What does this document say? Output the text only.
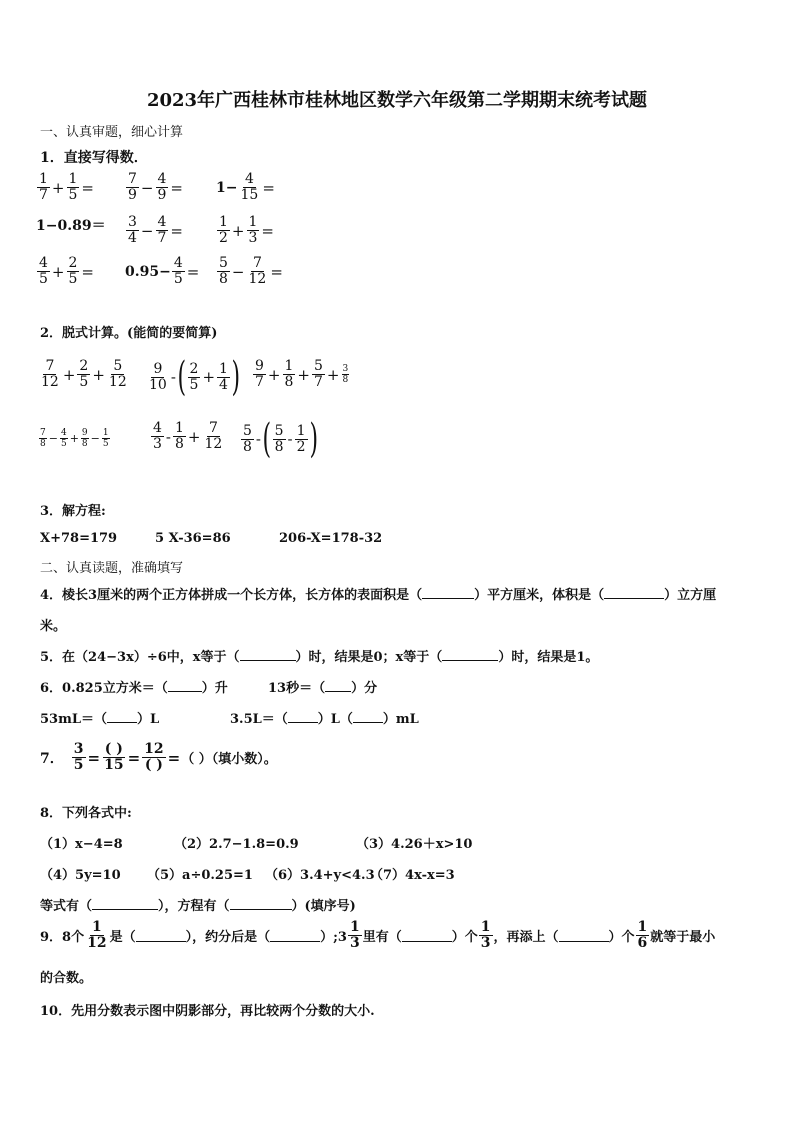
2023年广西桂林市桂林地区数学六年级第二学期期末统考试题
一、认真审题，细心计算
1．直接写得数．
$\frac{1}{7} + \frac{1}{5} = \frac{7}{9} - \frac{4}{9} = 1- \frac{4}{15}$ =
$1-0.89= \frac{3}{4} - \frac{4}{7} = \frac{1}{2} + \frac{1}{3}$ =
$\frac{4}{5} + \frac{2}{5} = 0.95- \frac{4}{5} = \frac{5}{8} - \frac{7}{12}$ =
2．脱式计算。(能简的要简算)
$\frac{7}{12} + \frac{2}{5} + \frac{5}{12} \frac{9}{10}$ - ( $\frac{2}{5} + \frac{1}{4}$ ) $\frac{9}{7} + \frac{1}{8} + \frac{5}{7} + \frac{3}{8}$
$\frac{7}{8} - \frac{4}{5} + \frac{9}{8} - \frac{1}{5}$	$\frac{4}{3} - \frac{1}{8} + \frac{7}{12} \frac{5}{8}$ - ( $\frac{5}{8} - \frac{1}{2}$ )
3．解方程:
X+78=179	5 X-36=86	206-X=178-32
二、认真读题，准确填写
4．棱长3厘米的两个正方体拼成一个长方体，长方体的表面积是（	）平方厘米，体积是（	）立方厘
米。
5．在（24−3x）÷6中，x等于（	）时，结果是0；x等于（	）时，结果是1。
6．0.825立方米＝（	）升	13秒＝（ ）分
53mL＝（ ）L	3.5L＝（ ）L（ ）mL
7． $\frac{3}{5} = \frac{( )}{15} = \frac{12}{( )}$ = （ ）（填小数）。
8．下列各式中:
（1）x−4=8	（2）2.7−1.8=0.9	（3）4.26＋x>10
（4）5y=10 （5）a÷0.25=1 （6）3.4+y<4.3
（7）4x-x=3
等式有（	），方程有（	）(填序号)
9．8个 $\frac{1}{12}$ 是（	），约分后是（	）;3 $\frac{1}{3}$ 里有（	）个 $\frac{1}{3}$ ，再添上（	）个 $\frac{1}{6}$ 就等于最小
的合数。
10．先用分数表示图中阴影部分，再比较两个分数的大小.
